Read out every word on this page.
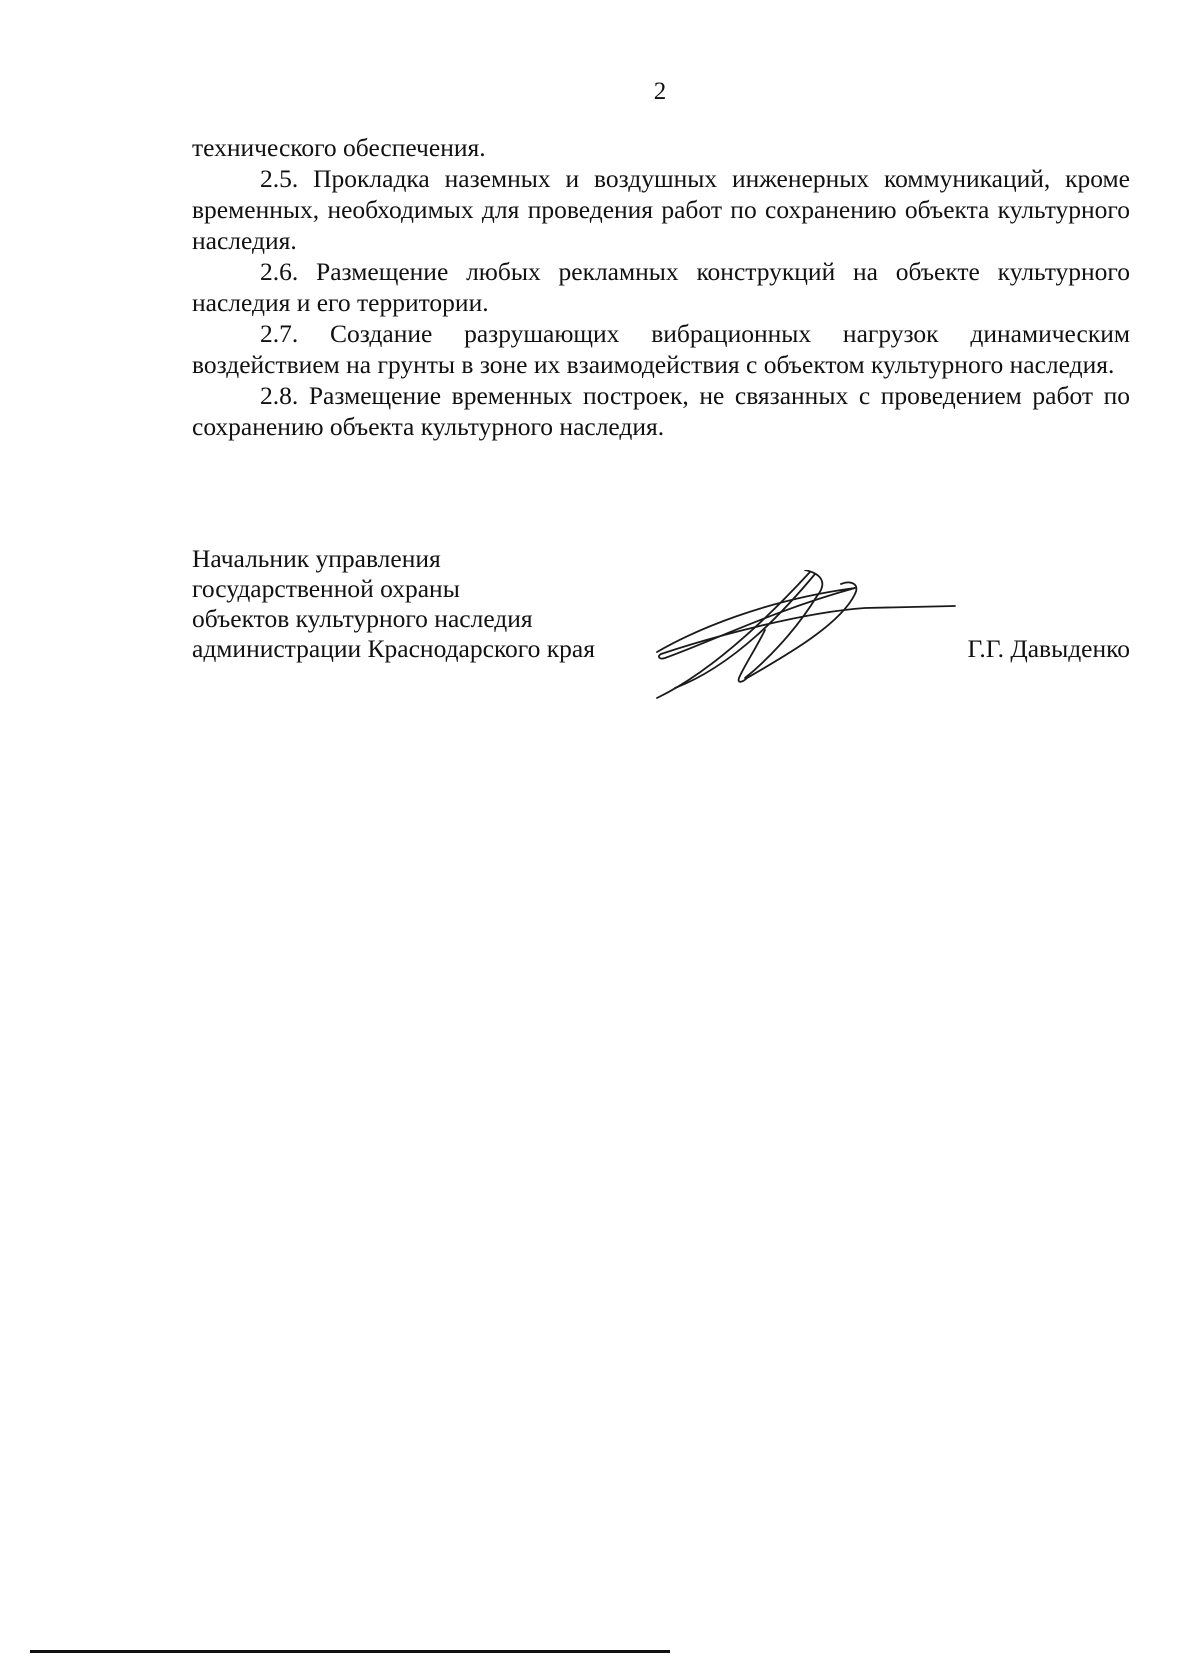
2

технического обеспечения.

2.5. Прокладка наземных и воздушных инженерных коммуникаций, кроме временных, необходимых для проведения работ по сохранению объекта культурного наследия.

2.6. Размещение любых рекламных конструкций на объекте культурного наследия и его территории.

2.7. Создание разрушающих вибрационных нагрузок динамическим воздействием на грунты в зоне их взаимодействия с объектом культурного наследия.

2.8. Размещение временных построек, не связанных с проведением работ по сохранению объекта культурного наследия.

Начальник управления
государственной охраны
объектов культурного наследия
администрации Краснодарского края	Г.Г. Давыденко
